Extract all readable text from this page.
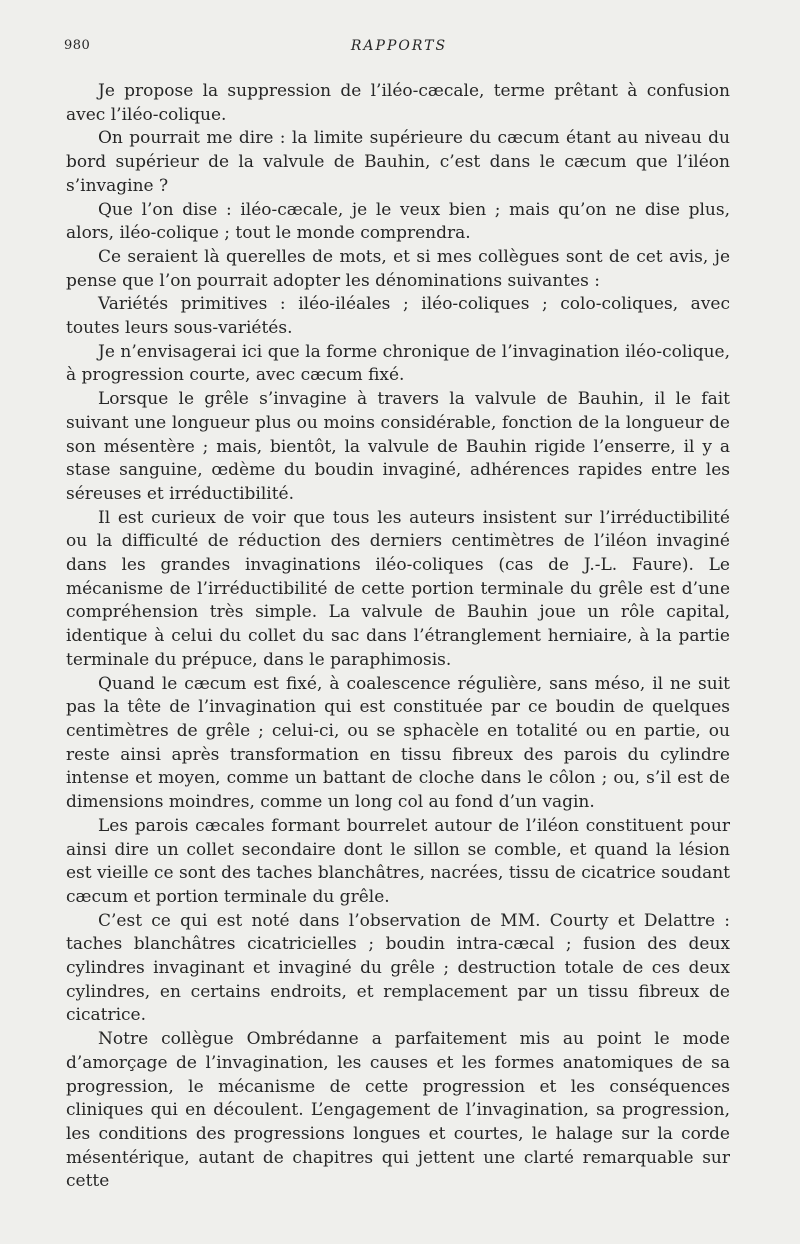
980	RAPPORTS

Je propose la suppression de l’iléo-cæcale, terme prêtant à confusion avec l’iléo-colique.

On pourrait me dire : la limite supérieure du cæcum étant au niveau du bord supérieur de la valvule de Bauhin, c’est dans le cæcum que l’iléon s’invagine ?

Que l’on dise : iléo-cæcale, je le veux bien ; mais qu’on ne dise plus, alors, iléo-colique ; tout le monde comprendra.

Ce seraient là querelles de mots, et si mes collègues sont de cet avis, je pense que l’on pourrait adopter les dénominations suivantes :

Variétés primitives : iléo-iléales ; iléo-coliques ; colo-coliques, avec toutes leurs sous-variétés.

Je n’envisagerai ici que la forme chronique de l’invagination iléo-colique, à progression courte, avec cæcum fixé.

Lorsque le grêle s’invagine à travers la valvule de Bauhin, il le fait suivant une longueur plus ou moins considérable, fonction de la longueur de son mésentère ; mais, bientôt, la valvule de Bauhin rigide l’enserre, il y a stase sanguine, œdème du boudin invaginé, adhérences rapides entre les séreuses et irréductibilité.

Il est curieux de voir que tous les auteurs insistent sur l’irréductibilité ou la difficulté de réduction des derniers centimètres de l’iléon invaginé dans les grandes invaginations iléo-coliques (cas de J.-L. Faure). Le mécanisme de l’irréductibilité de cette portion terminale du grêle est d’une compréhension très simple. La valvule de Bauhin joue un rôle capital, identique à celui du collet du sac dans l’étranglement herniaire, à la partie terminale du prépuce, dans le paraphimosis.

Quand le cæcum est fixé, à coalescence régulière, sans méso, il ne suit pas la tête de l’invagination qui est constituée par ce boudin de quelques centimètres de grêle ; celui-ci, ou se sphacèle en totalité ou en partie, ou reste ainsi après transformation en tissu fibreux des parois du cylindre intense et moyen, comme un battant de cloche dans le côlon ; ou, s’il est de dimensions moindres, comme un long col au fond d’un vagin.

Les parois cæcales formant bourrelet autour de l’iléon constituent pour ainsi dire un collet secondaire dont le sillon se comble, et quand la lésion est vieille ce sont des taches blanchâtres, nacrées, tissu de cicatrice soudant cæcum et portion terminale du grêle.

C’est ce qui est noté dans l’observation de MM. Courty et Delattre : taches blanchâtres cicatricielles ; boudin intra-cæcal ; fusion des deux cylindres invaginant et invaginé du grêle ; destruction totale de ces deux cylindres, en certains endroits, et remplacement par un tissu fibreux de cicatrice.

Notre collègue Ombrédanne a parfaitement mis au point le mode d’amorçage de l’invagination, les causes et les formes anatomiques de sa progression, le mécanisme de cette progression et les conséquences cliniques qui en découlent. L’engagement de l’invagination, sa progression, les conditions des progressions longues et courtes, le halage sur la corde mésentérique, autant de chapitres qui jettent une clarté remarquable sur cette
